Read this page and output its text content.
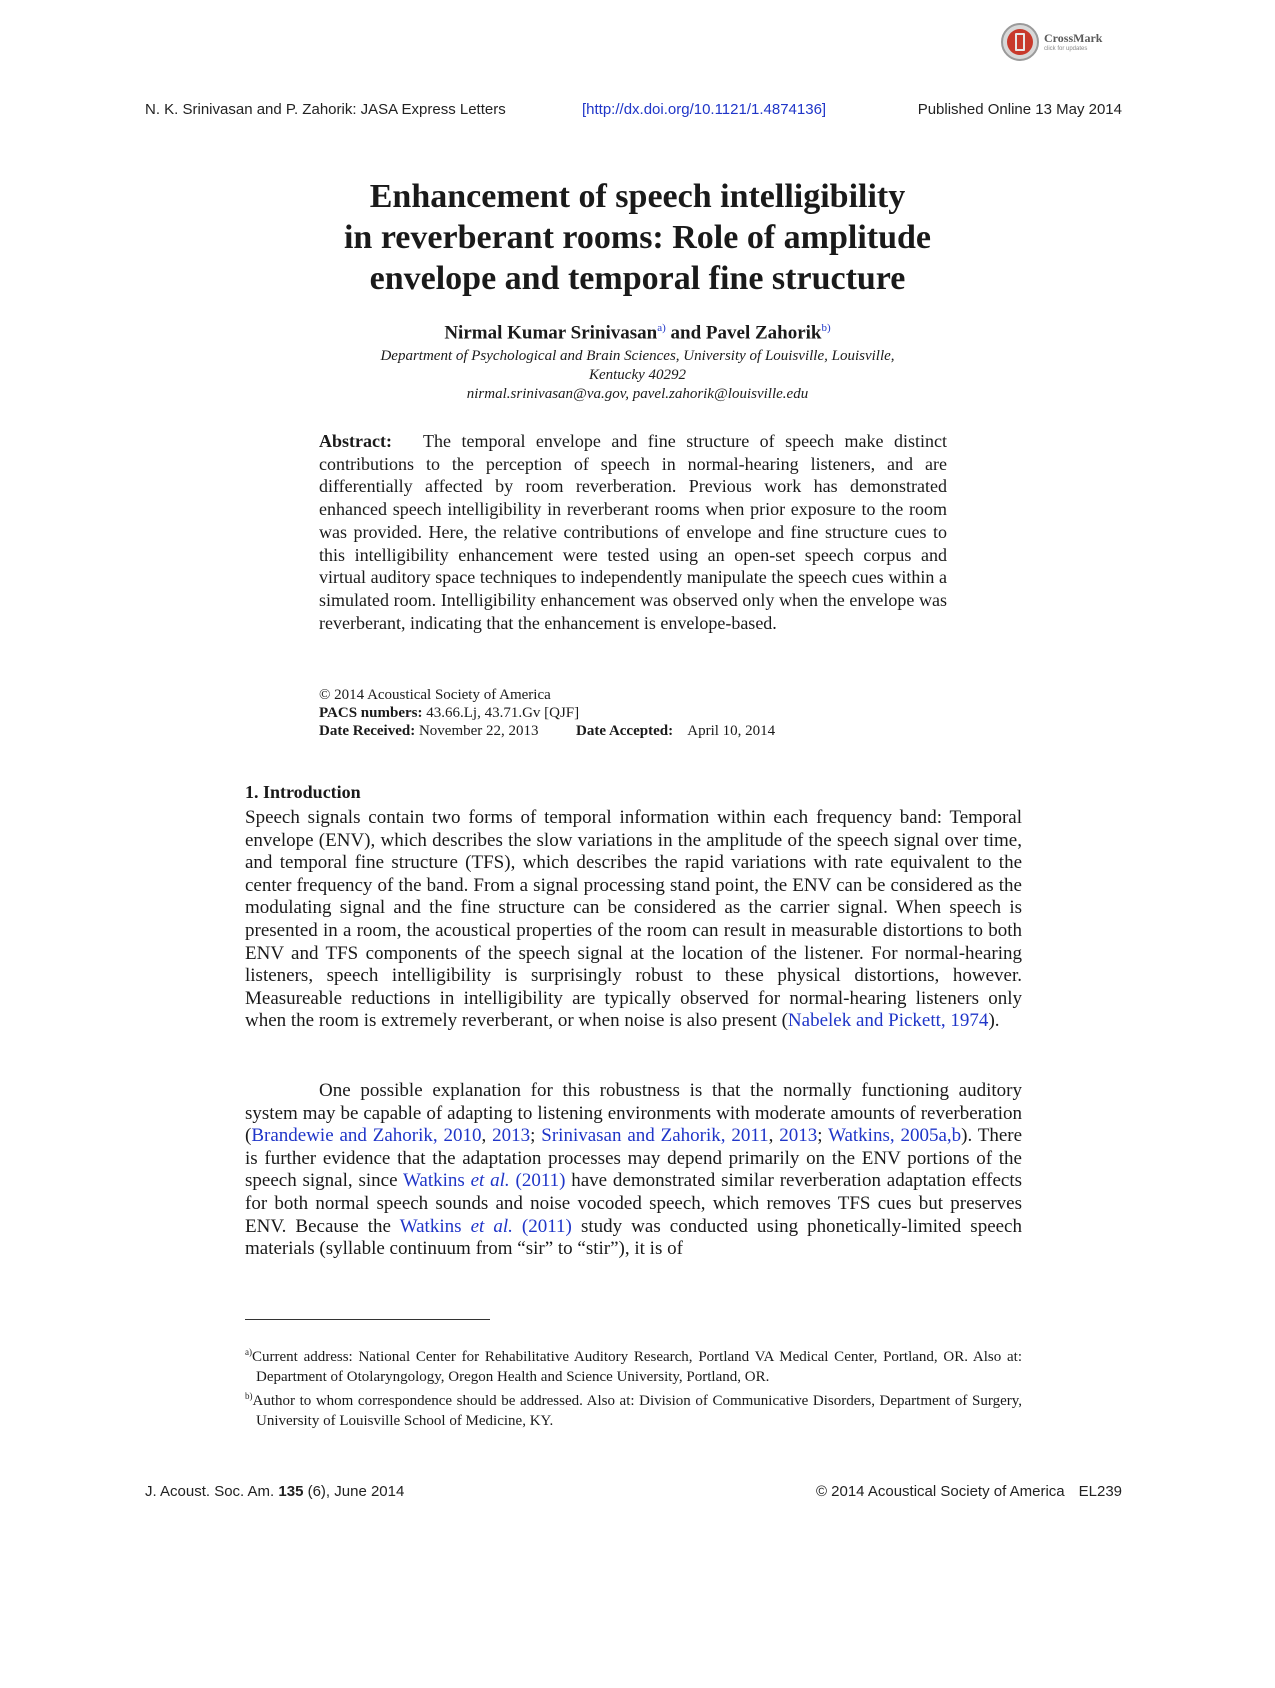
CrossMark
click for updates
N. K. Srinivasan and P. Zahorik: JASA Express Letters	[http://dx.doi.org/10.1121/1.4874136]	Published Online 13 May 2014
Enhancement of speech intelligibility
in reverberant rooms: Role of amplitude
envelope and temporal fine structure
Nirmal Kumar Srinivasan$^{a)}$ and Pavel Zahorik$^{b)}$
Department of Psychological and Brain Sciences, University of Louisville, Louisville,
Kentucky 40292
nirmal.srinivasan@va.gov, pavel.zahorik@louisville.edu

Abstract: The temporal envelope and fine structure of speech make distinct contributions to the perception of speech in normal-hearing listeners, and are differentially affected by room reverberation. Previous work has demonstrated enhanced speech intelligibility in reverberant rooms when prior exposure to the room was provided. Here, the relative contributions of envelope and fine structure cues to this intelligibility enhancement were tested using an open-set speech corpus and virtual auditory space techniques to independently manipulate the speech cues within a simulated room. Intelligibility enhancement was observed only when the envelope was reverberant, indicating that the enhancement is envelope-based.

© 2014 Acoustical Society of America
PACS numbers: 43.66.Lj, 43.71.Gv [QJF]
Date Received: November 22, 2013	Date Accepted: April 10, 2014
1. Introduction

Speech signals contain two forms of temporal information within each frequency band: Temporal envelope (ENV), which describes the slow variations in the amplitude of the speech signal over time, and temporal fine structure (TFS), which describes the rapid variations with rate equivalent to the center frequency of the band. From a signal processing stand point, the ENV can be considered as the modulating signal and the fine structure can be considered as the carrier signal. When speech is presented in a room, the acoustical properties of the room can result in measurable distortions to both ENV and TFS components of the speech signal at the location of the listener. For normal-hearing listeners, speech intelligibility is surprisingly robust to these physical distortions, however. Measureable reductions in intelligibility are typically observed for normal-hearing listeners only when the room is extremely reverberant, or when noise is also present (Nabelek and Pickett, 1974).

One possible explanation for this robustness is that the normally functioning auditory system may be capable of adapting to listening environments with moderate amounts of reverberation (Brandewie and Zahorik, 2010, 2013; Srinivasan and Zahorik, 2011, 2013; Watkins, 2005a,b). There is further evidence that the adaptation processes may depend primarily on the ENV portions of the speech signal, since Watkins et al. (2011) have demonstrated similar reverberation adaptation effects for both normal speech sounds and noise vocoded speech, which removes TFS cues but preserves ENV. Because the Watkins et al. (2011) study was conducted using phonetically-limited speech materials (syllable continuum from “sir” to “stir”), it is of

$^{a)}$Current address: National Center for Rehabilitative Auditory Research, Portland VA Medical Center, Portland, OR. Also at: Department of Otolaryngology, Oregon Health and Science University, Portland, OR.

$^{b)}$Author to whom correspondence should be addressed. Also at: Division of Communicative Disorders, Department of Surgery, University of Louisville School of Medicine, KY.

J. Acoust. Soc. Am. 135 (6), June 2014	© 2014 Acoustical Society of America EL239
